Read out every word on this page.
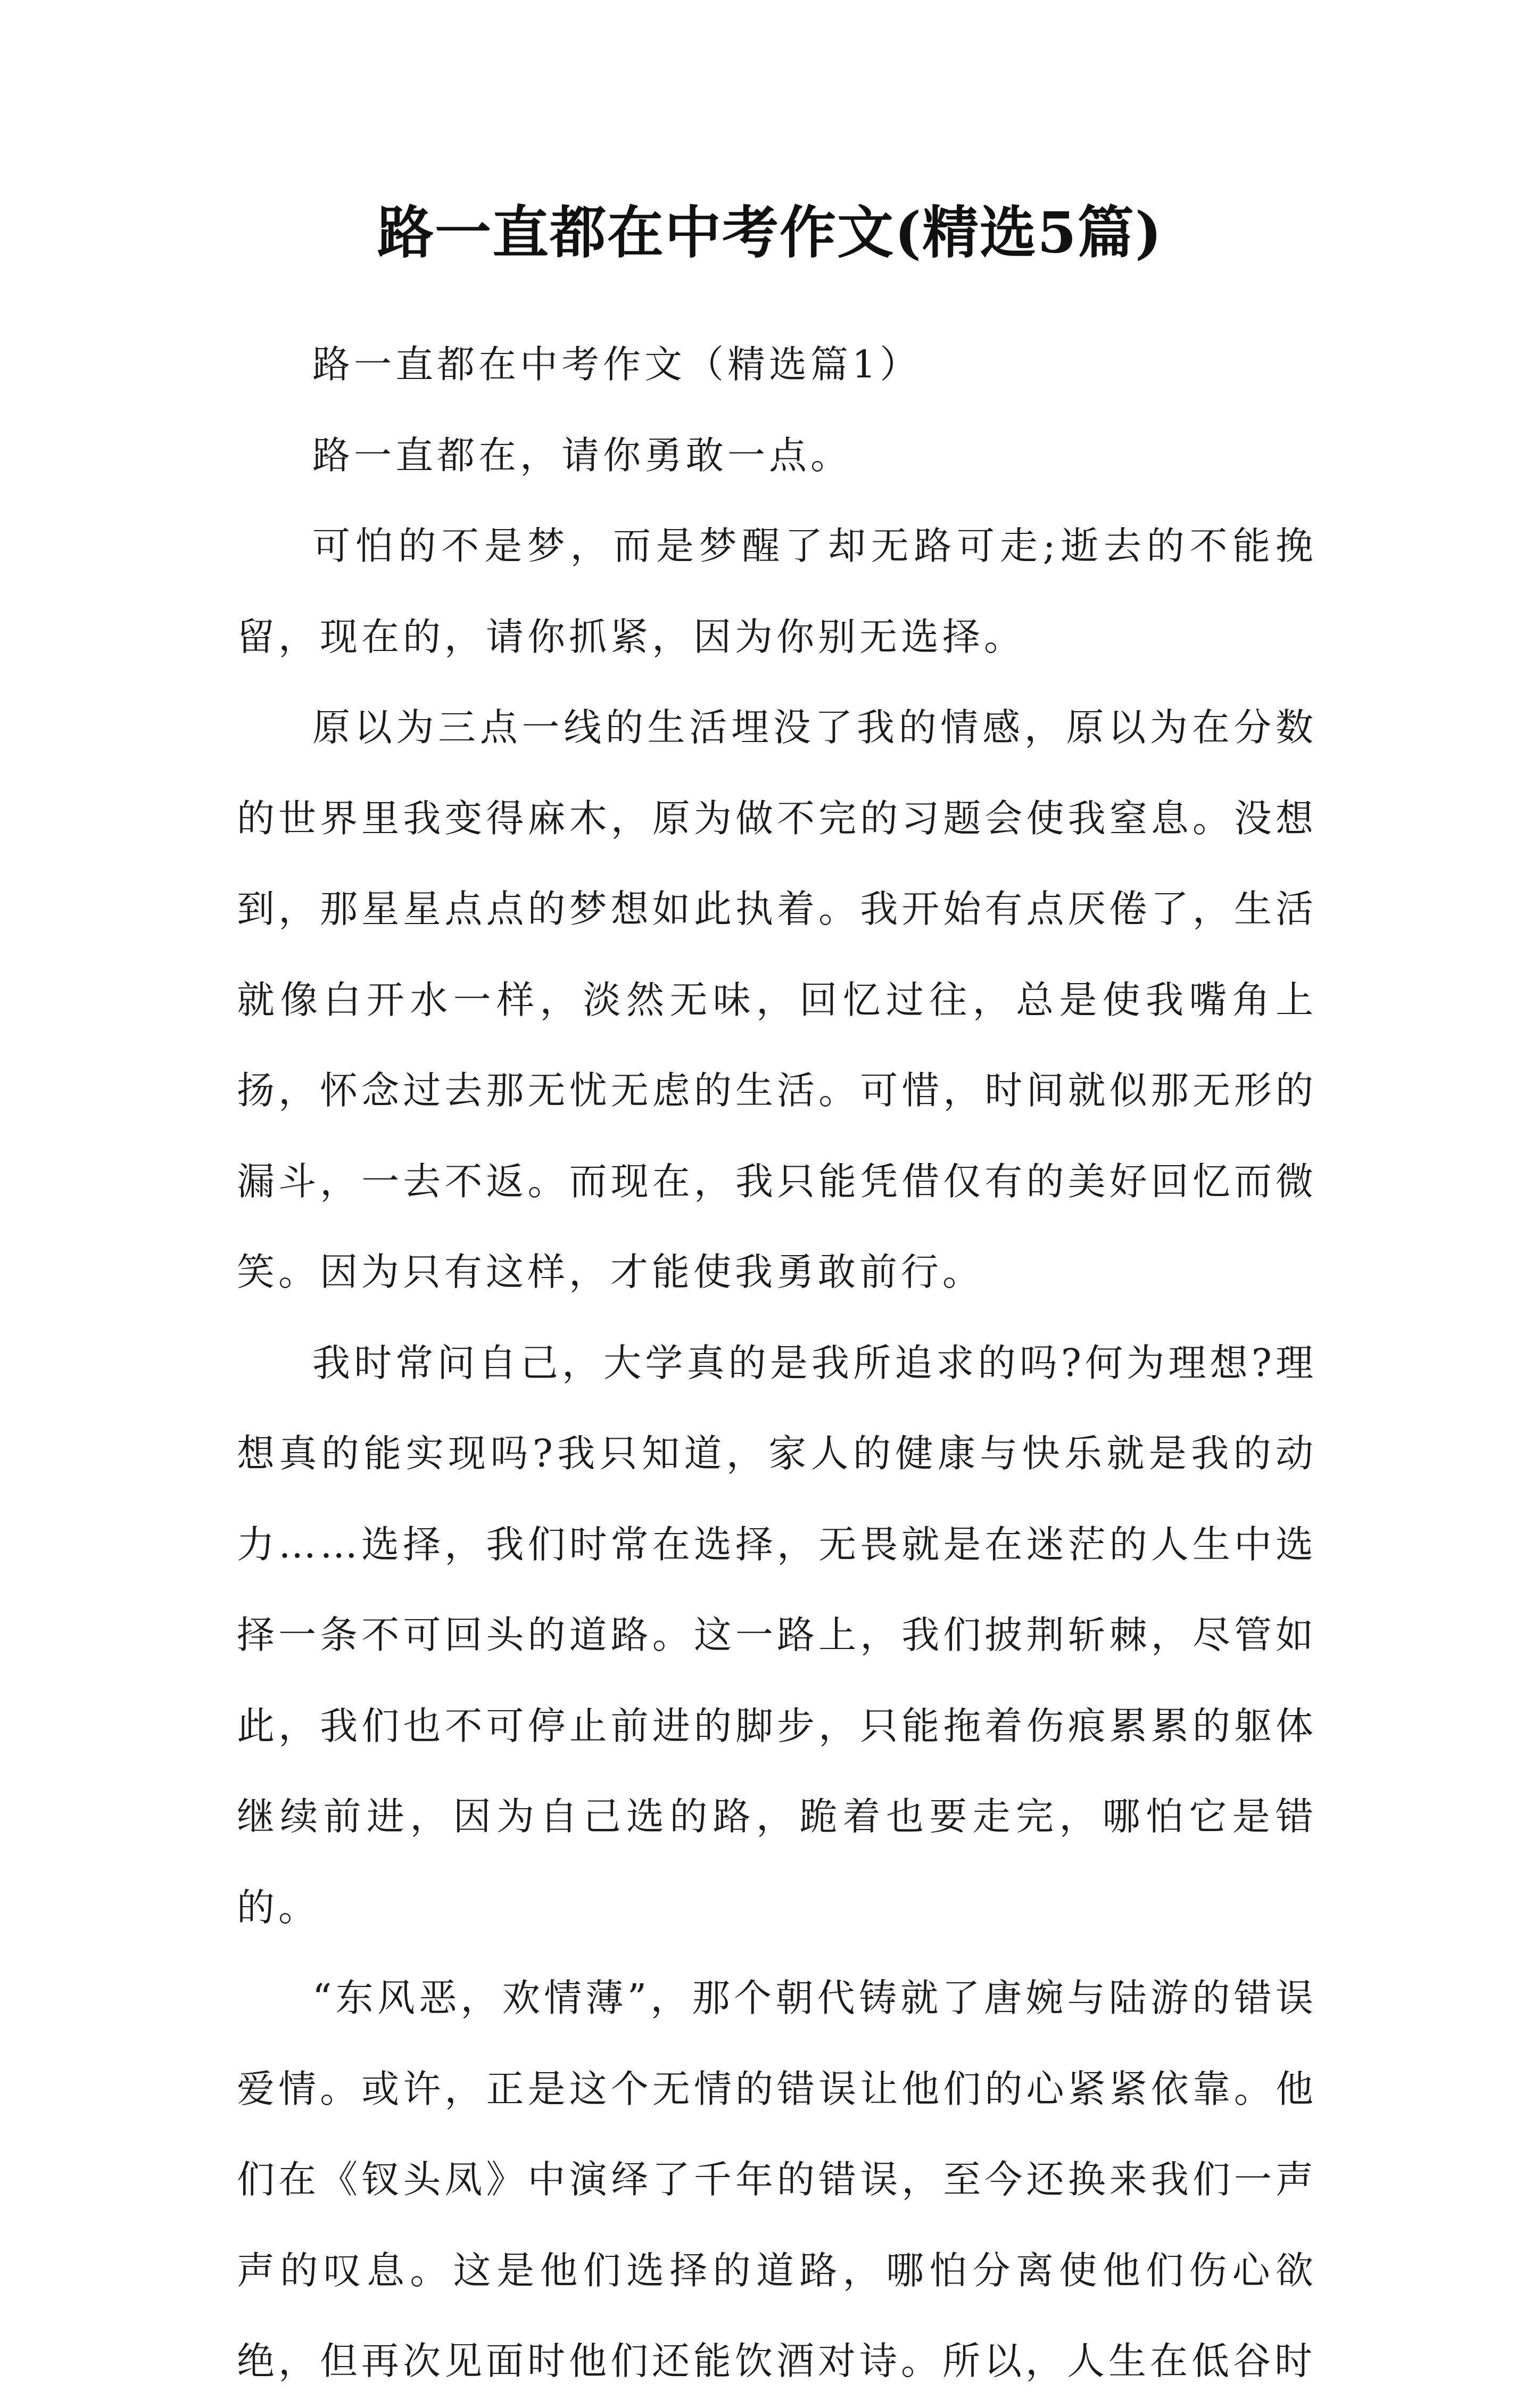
路一直都在中考作文(精选5篇)

路一直都在中考作文（精选篇1）

路一直都在，请你勇敢一点。

可怕的不是梦，而是梦醒了却无路可走;逝去的不能挽留，现在的，请你抓紧，因为你别无选择。

原以为三点一线的生活埋没了我的情感，原以为在分数的世界里我变得麻木，原为做不完的习题会使我窒息。没想到，那星星点点的梦想如此执着。我开始有点厌倦了，生活就像白开水一样，淡然无味，回忆过往，总是使我嘴角上扬，怀念过去那无忧无虑的生活。可惜，时间就似那无形的漏斗，一去不返。而现在，我只能凭借仅有的美好回忆而微笑。因为只有这样，才能使我勇敢前行。

我时常问自己，大学真的是我所追求的吗?何为理想?理想真的能实现吗?我只知道，家人的健康与快乐就是我的动力……选择，我们时常在选择，无畏就是在迷茫的人生中选择一条不可回头的道路。这一路上，我们披荆斩棘，尽管如此，我们也不可停止前进的脚步，只能拖着伤痕累累的躯体继续前进，因为自己选的路，跪着也要走完，哪怕它是错的。

“东风恶，欢情薄”，那个朝代铸就了唐婉与陆游的错误爱情。或许，正是这个无情的错误让他们的心紧紧依靠。他们在《钗头凤》中演绎了千年的错误，至今还换来我们一声声的叹息。这是他们选择的道路，哪怕分离使他们伤心欲绝，但再次见面时他们还能饮酒对诗。所以，人生在低谷时
